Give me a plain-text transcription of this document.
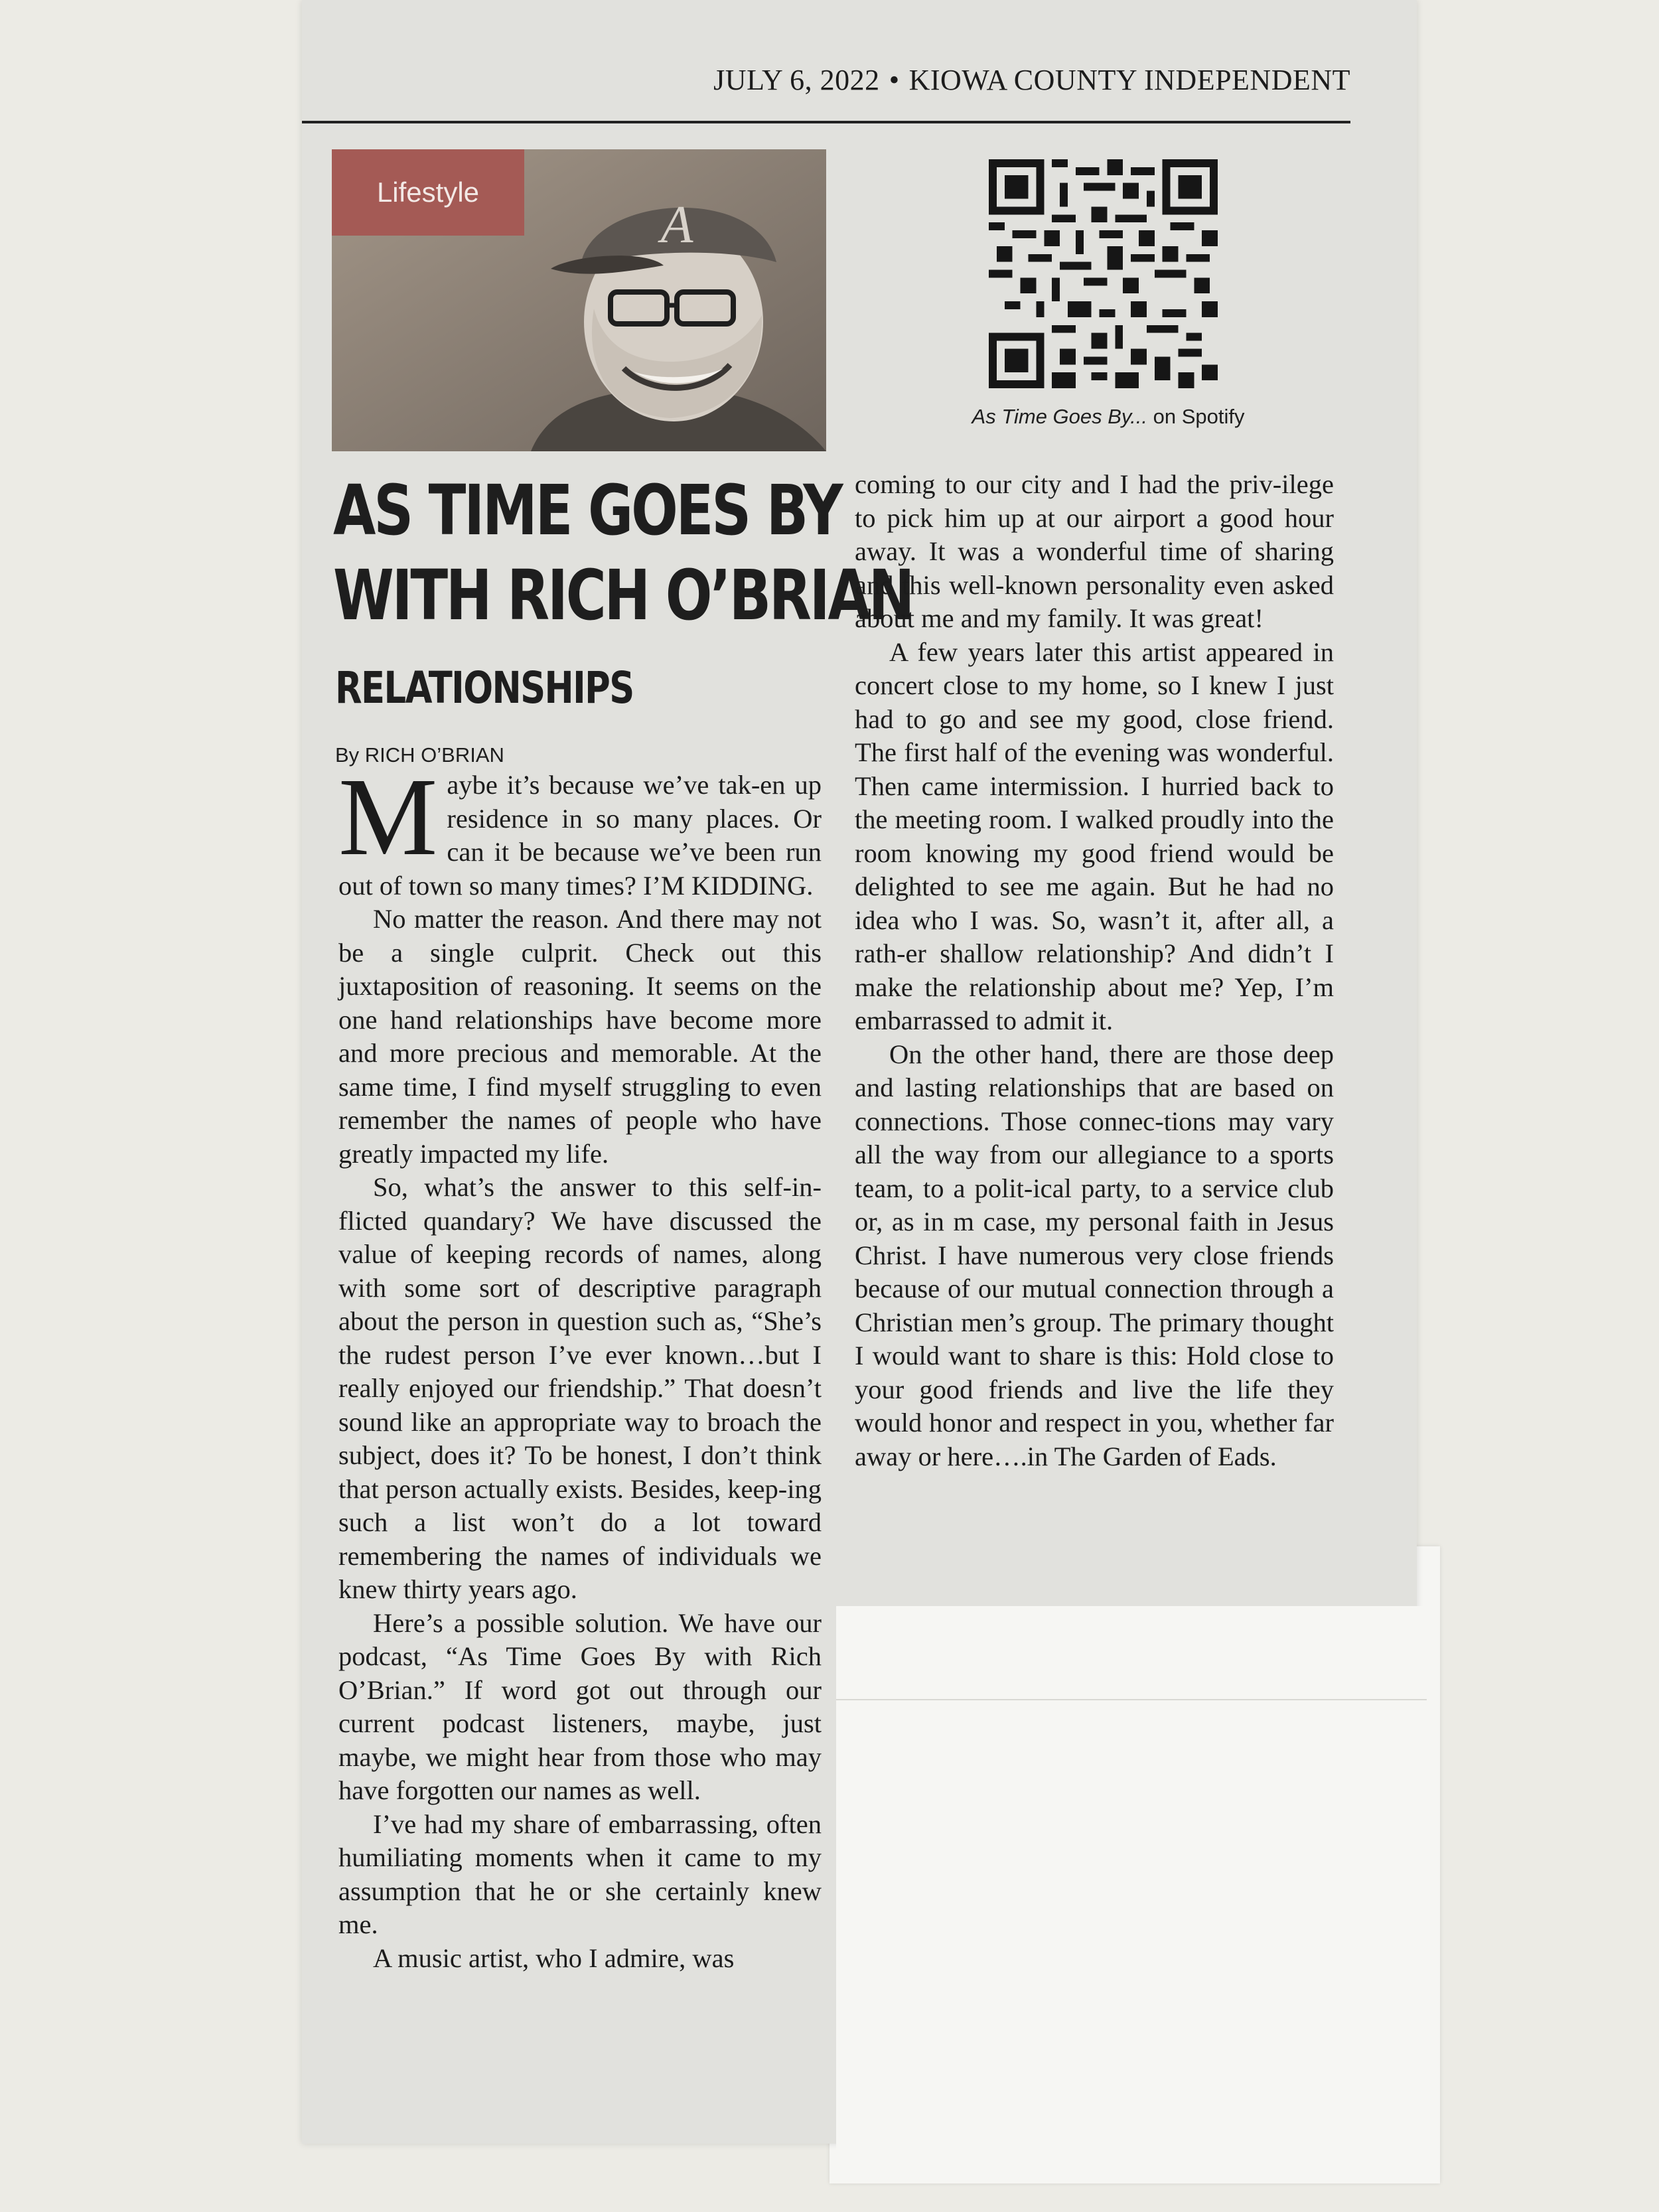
JULY 6, 2022 • KIOWA COUNTY INDEPENDENT
A
Lifestyle
As Time Goes By... on Spotify
AS TIME GOES BY
WITH RICH O’BRIAN
RELATIONSHIPS
By RICH O’BRIAN

Maybe it’s because we’ve tak-en up residence in so many places. Or can it be because we’ve been run out of town so many times? I’M KIDDING.

No matter the reason. And there may not be a single culprit. Check out this juxtaposition of reasoning. It seems on the one hand relationships have become more and more precious and memorable. At the same time, I find myself struggling to even remember the names of people who have greatly impacted my life.

So, what’s the answer to this self-in-flicted quandary? We have discussed the value of keeping records of names, along with some sort of descriptive paragraph about the person in question such as, “She’s the rudest person I’ve ever known…but I really enjoyed our friendship.” That doesn’t sound like an appropriate way to broach the subject, does it? To be honest, I don’t think that person actually exists. Besides, keep-ing such a list won’t do a lot toward remembering the names of individuals we knew thirty years ago.

Here’s a possible solution. We have our podcast, “As Time Goes By with Rich O’Brian.” If word got out through our current podcast listeners, maybe, just maybe, we might hear from those who may have forgotten our names as well.

I’ve had my share of embarrassing, often humiliating moments when it came to my assumption that he or she certainly knew me.

A music artist, who I admire, was

coming to our city and I had the priv-ilege to pick him up at our airport a good hour away. It was a wonderful time of sharing and this well-known personality even asked about me and my family. It was great!

A few years later this artist appeared in concert close to my home, so I knew I just had to go and see my good, close friend. The first half of the evening was wonderful. Then came intermission. I hurried back to the meeting room. I walked proudly into the room knowing my good friend would be delighted to see me again. But he had no idea who I was. So, wasn’t it, after all, a rath-er shallow relationship? And didn’t I make the relationship about me? Yep, I’m embarrassed to admit it.

On the other hand, there are those deep and lasting relationships that are based on connections. Those connec-tions may vary all the way from our allegiance to a sports team, to a polit-ical party, to a service club or, as in m case, my personal faith in Jesus Christ. I have numerous very close friends because of our mutual connection through a Christian men’s group. The primary thought I would want to share is this: Hold close to your good friends and live the life they would honor and respect in you, whether far away or here….in The Garden of Eads.
